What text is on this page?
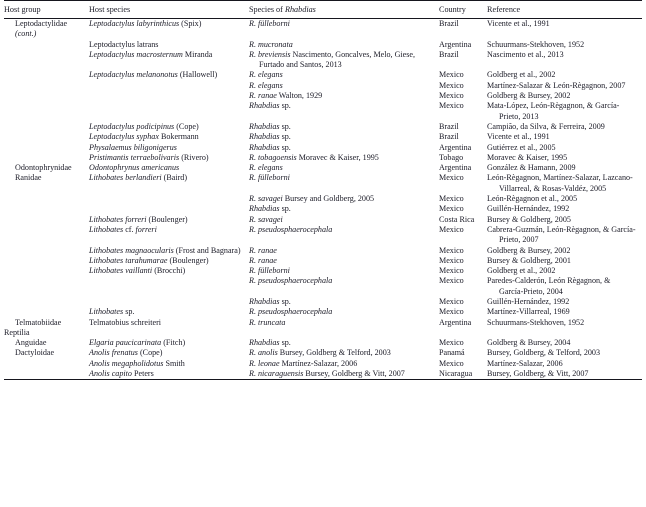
Host group	Host species	Species of Rhabdias	Country	Reference

Leptodactylidae
(cont.)	Leptodactylus labyrinthicus (Spix)	R. fülleborni	Brazil	Vicente et al., 1991

	Leptodactylus latrans	R. mucronata	Argentina	Schuurmans-Stekhoven, 1952

	Leptodactylus macrosternum Miranda	R. breviensis Nascimento, Goncalves, Melo, Giese, Furtado and Santos, 2013	Brazil	Nascimento et al., 2013

	Leptodactylus melanonotus (Hallowell)	R. elegans	Mexico	Goldberg et al., 2002

		R. elegans	Mexico	Martínez-Salazar & León-Règagnon, 2007

		R. ranae Walton, 1929	Mexico	Goldberg & Bursey, 2002

		Rhabdias sp.	Mexico	Mata-López, León-Règagnon, & García-Prieto, 2013

	Leptodactylus podicipinus (Cope)	Rhabdias sp.	Brazil	Campião, da Silva, & Ferreira, 2009

	Leptodactylus syphax Bokermann	Rhabdias sp.	Brazil	Vicente et al., 1991

	Physalaemus biligonigerus	Rhabdias sp.	Argentina	Gutiérrez et al., 2005

	Pristimantis terraebolivaris (Rivero)	R. tobagoensis Moravec & Kaiser, 1995	Tobago	Moravec & Kaiser, 1995

Odontophrynidae	Odontophrynus americanus	R. elegans	Argentina	González & Hamann, 2009

Ranidae	Lithobates berlandieri (Baird)	R. fülleborni	Mexico	León-Règagnon, Martínez-Salazar, Lazcano-Villarreal, & Rosas-Valdéz, 2005

		R. savagei Bursey and Goldberg, 2005	Mexico	León-Règagnon et al., 2005

		Rhabdias sp.	Mexico	Guillén-Hernández, 1992

	Lithobates forreri (Boulenger)	R. savagei	Costa Rica	Bursey & Goldberg, 2005

	Lithobates cf. forreri	R. pseudosphaerocephala	Mexico	Cabrera-Guzmán, León-Règagnon, & García-Prieto, 2007

	Lithobates magnaocularis (Frost and Bagnara)	R. ranae	Mexico	Goldberg & Bursey, 2002

	Lithobates tarahumarae (Boulenger)	R. ranae	Mexico	Bursey & Goldberg, 2001

	Lithobates vaillanti (Brocchi)	R. fülleborni	Mexico	Goldberg et al., 2002

		R. pseudosphaerocephala	Mexico	Paredes-Calderón, León Règagnon, & García-Prieto, 2004

		Rhabdias sp.	Mexico	Guillén-Hernández, 1992

	Lithobates sp.	R. pseudosphaerocephala	Mexico	Martínez-Villarreal, 1969

Telmatobiidae	Telmatobius schreiteri	R. truncata	Argentina	Schuurmans-Stekhoven, 1952

Reptilia				

Anguidae	Elgaria paucicarinata (Fitch)	Rhabdias sp.	Mexico	Goldberg & Bursey, 2004

Dactyloidae	Anolis frenatus (Cope)	R. anolis Bursey, Goldberg & Telford, 2003	Panamá	Bursey, Goldberg, & Telford, 2003

	Anolis megapholidotus Smith	R. leonae Martínez-Salazar, 2006	Mexico	Martínez-Salazar, 2006

	Anolis capito Peters	R. nicaraguensis Bursey, Goldberg & Vitt, 2007	Nicaragua	Bursey, Goldberg, & Vitt, 2007
